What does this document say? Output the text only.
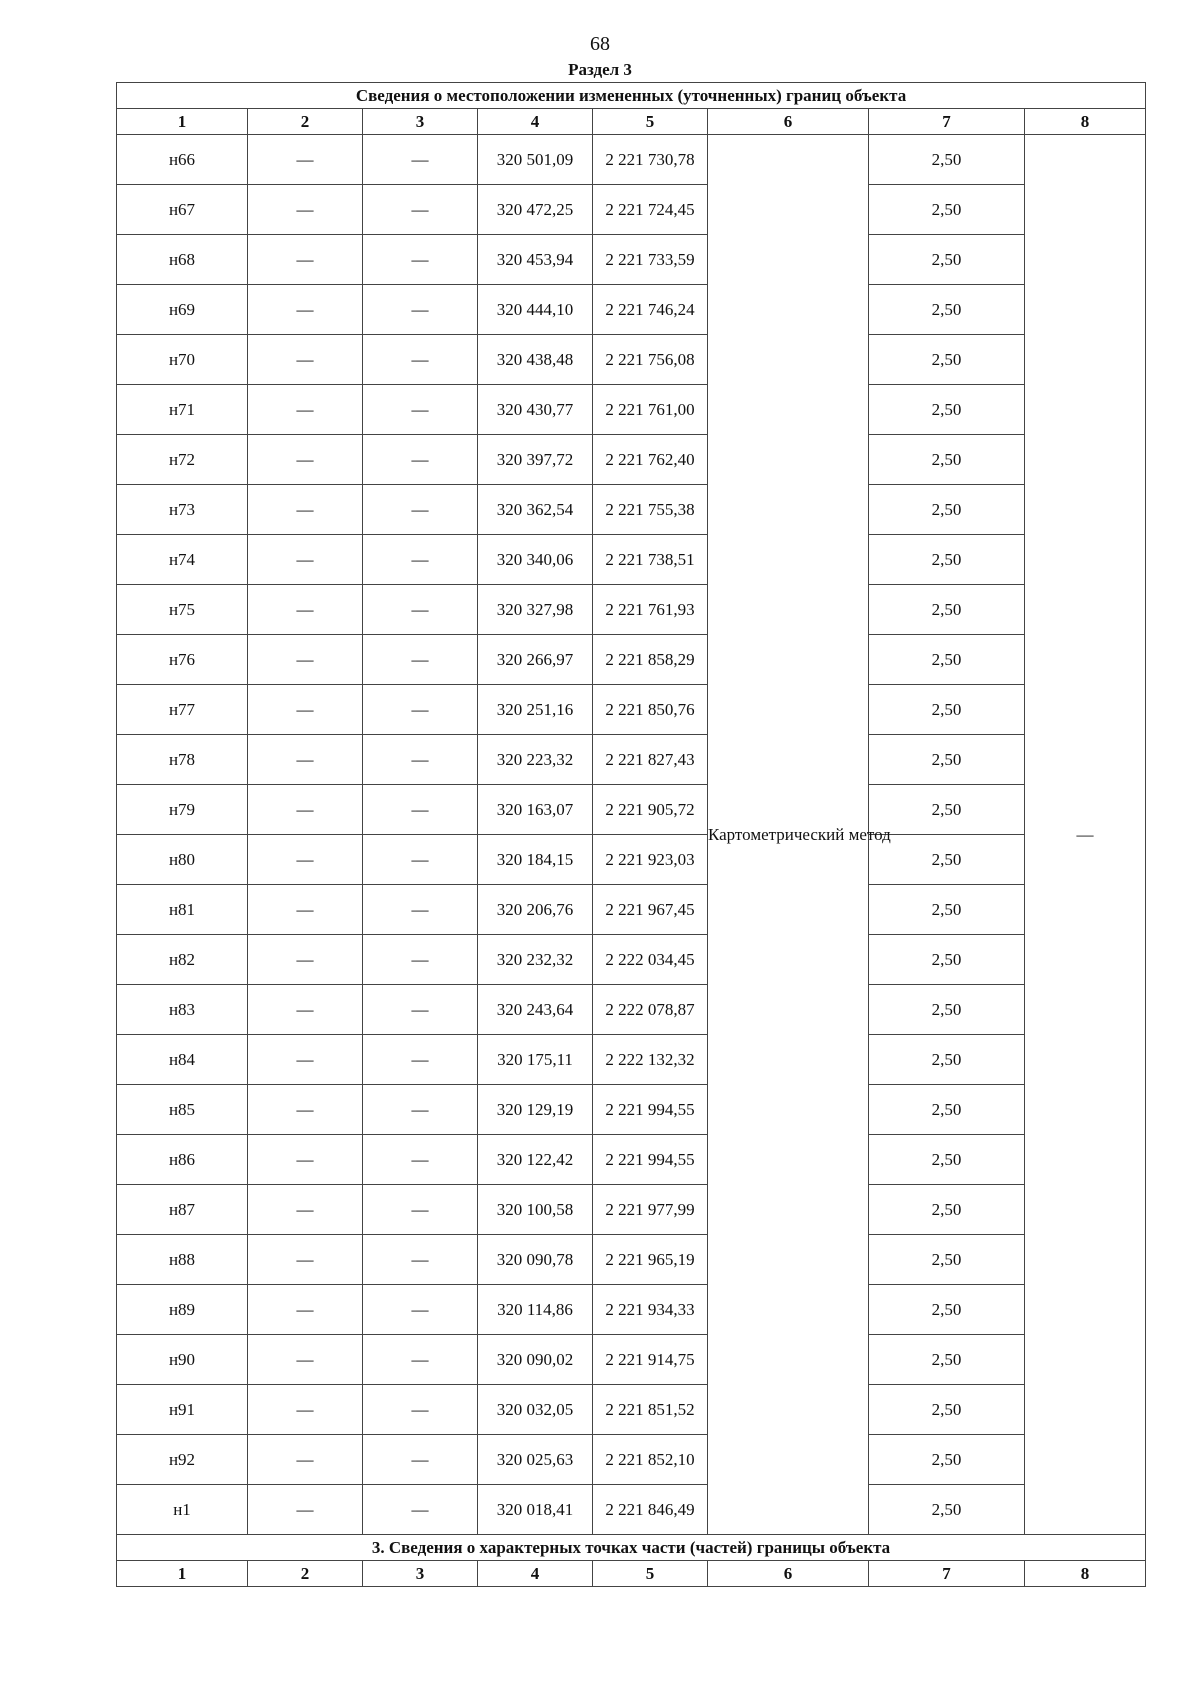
68
Раздел 3
Сведения о местоположении измененных (уточненных) границ объекта							
1	2	3	4	5	6	7	8
н66	—	—	320 501,09	2 221 730,78	Картометрический метод	2,50	—
н67	—	—	320 472,25	2 221 724,45		2,50	
н68	—	—	320 453,94	2 221 733,59		2,50	
н69	—	—	320 444,10	2 221 746,24		2,50	
н70	—	—	320 438,48	2 221 756,08		2,50	
н71	—	—	320 430,77	2 221 761,00		2,50	
н72	—	—	320 397,72	2 221 762,40		2,50	
н73	—	—	320 362,54	2 221 755,38		2,50	
н74	—	—	320 340,06	2 221 738,51		2,50	
н75	—	—	320 327,98	2 221 761,93		2,50	
н76	—	—	320 266,97	2 221 858,29		2,50	
н77	—	—	320 251,16	2 221 850,76		2,50	
н78	—	—	320 223,32	2 221 827,43		2,50	
н79	—	—	320 163,07	2 221 905,72		2,50	
н80	—	—	320 184,15	2 221 923,03		2,50	
н81	—	—	320 206,76	2 221 967,45		2,50	
н82	—	—	320 232,32	2 222 034,45		2,50	
н83	—	—	320 243,64	2 222 078,87		2,50	
н84	—	—	320 175,11	2 222 132,32		2,50	
н85	—	—	320 129,19	2 221 994,55		2,50	
н86	—	—	320 122,42	2 221 994,55		2,50	
н87	—	—	320 100,58	2 221 977,99		2,50	
н88	—	—	320 090,78	2 221 965,19		2,50	
н89	—	—	320 114,86	2 221 934,33		2,50	
н90	—	—	320 090,02	2 221 914,75		2,50	
н91	—	—	320 032,05	2 221 851,52		2,50	
н92	—	—	320 025,63	2 221 852,10		2,50	
н1	—	—	320 018,41	2 221 846,49		2,50	
3. Сведения о характерных точках части (частей) границы объекта							
1	2	3	4	5	6	7	8
